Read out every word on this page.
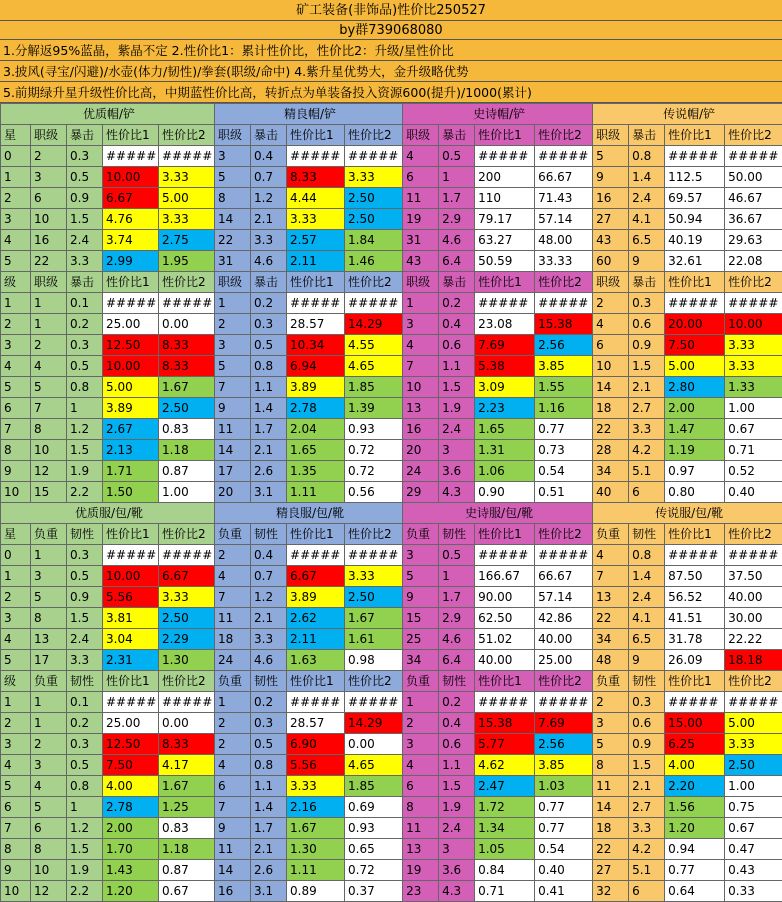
矿工装备(非饰品)性价比250527
by群739068080
1.分解返95%蓝晶，紫晶不定 2.性价比1：累计性价比，性价比2：升级/星性价比
3.披风(寻宝/闪避)/水壶(体力/韧性)/拳套(职级/命中) 4.紫升星优势大，金升级略优势
5.前期绿升星升级性价比高，中期蓝性价比高，转折点为单装备投入资源600(提升)/1000(累计)
优质帽/铲					精良帽/铲				史诗帽/铲				传说帽/铲			
星	职级	暴击	性价比1	性价比2	职级	暴击	性价比1	性价比2	职级	暴击	性价比1	性价比2	职级	暴击	性价比1	性价比2
0	2	0.3	#####	#####	3	0.4	#####	#####	4	0.5	#####	#####	5	0.8	#####	#####
1	3	0.5	10.00	3.33	5	0.7	8.33	3.33	6	1	200	66.67	9	1.4	112.5	50.00
2	6	0.9	6.67	5.00	8	1.2	4.44	2.50	11	1.7	110	71.43	16	2.4	69.57	46.67
3	10	1.5	4.76	3.33	14	2.1	3.33	2.50	19	2.9	79.17	57.14	27	4.1	50.94	36.67
4	16	2.4	3.74	2.75	22	3.3	2.57	1.84	31	4.6	63.27	48.00	43	6.5	40.19	29.63
5	22	3.3	2.99	1.95	31	4.6	2.11	1.46	43	6.4	50.59	33.33	60	9	32.61	22.08
级	职级	暴击	性价比1	性价比2	职级	暴击	性价比1	性价比2	职级	暴击	性价比1	性价比2	职级	暴击	性价比1	性价比2
1	1	0.1	#####	#####	1	0.2	#####	#####	1	0.2	#####	#####	2	0.3	#####	#####
2	1	0.2	25.00	0.00	2	0.3	28.57	14.29	3	0.4	23.08	15.38	4	0.6	20.00	10.00
3	2	0.3	12.50	8.33	3	0.5	10.34	4.55	4	0.6	7.69	2.56	6	0.9	7.50	3.33
4	4	0.5	10.00	8.33	5	0.8	6.94	4.65	7	1.1	5.38	3.85	10	1.5	5.00	3.33
5	5	0.8	5.00	1.67	7	1.1	3.89	1.85	10	1.5	3.09	1.55	14	2.1	2.80	1.33
6	7	1	3.89	2.50	9	1.4	2.78	1.39	13	1.9	2.23	1.16	18	2.7	2.00	1.00
7	8	1.2	2.67	0.83	11	1.7	2.04	0.93	16	2.4	1.65	0.77	22	3.3	1.47	0.67
8	10	1.5	2.13	1.18	14	2.1	1.65	0.72	20	3	1.31	0.73	28	4.2	1.19	0.71
9	12	1.9	1.71	0.87	17	2.6	1.35	0.72	24	3.6	1.06	0.54	34	5.1	0.97	0.52
10	15	2.2	1.50	1.00	20	3.1	1.11	0.56	29	4.3	0.90	0.51	40	6	0.80	0.40
优质服/包/靴					精良服/包/靴				史诗服/包/靴				传说服/包/靴			
星	负重	韧性	性价比1	性价比2	负重	韧性	性价比1	性价比2	负重	韧性	性价比1	性价比2	负重	韧性	性价比1	性价比2
0	1	0.3	#####	#####	2	0.4	#####	#####	3	0.5	#####	#####	4	0.8	#####	#####
1	3	0.5	10.00	6.67	4	0.7	6.67	3.33	5	1	166.67	66.67	7	1.4	87.50	37.50
2	5	0.9	5.56	3.33	7	1.2	3.89	2.50	9	1.7	90.00	57.14	13	2.4	56.52	40.00
3	8	1.5	3.81	2.50	11	2.1	2.62	1.67	15	2.9	62.50	42.86	22	4.1	41.51	30.00
4	13	2.4	3.04	2.29	18	3.3	2.11	1.61	25	4.6	51.02	40.00	34	6.5	31.78	22.22
5	17	3.3	2.31	1.30	24	4.6	1.63	0.98	34	6.4	40.00	25.00	48	9	26.09	18.18
级	负重	韧性	性价比1	性价比2	负重	韧性	性价比1	性价比2	负重	韧性	性价比1	性价比2	负重	韧性	性价比1	性价比2
1	1	0.1	#####	#####	1	0.2	#####	#####	1	0.2	#####	#####	2	0.3	#####	#####
2	1	0.2	25.00	0.00	2	0.3	28.57	14.29	2	0.4	15.38	7.69	3	0.6	15.00	5.00
3	2	0.3	12.50	8.33	2	0.5	6.90	0.00	3	0.6	5.77	2.56	5	0.9	6.25	3.33
4	3	0.5	7.50	4.17	4	0.8	5.56	4.65	4	1.1	4.62	3.85	8	1.5	4.00	2.50
5	4	0.8	4.00	1.67	6	1.1	3.33	1.85	6	1.5	2.47	1.03	11	2.1	2.20	1.00
6	5	1	2.78	1.25	7	1.4	2.16	0.69	8	1.9	1.72	0.77	14	2.7	1.56	0.75
7	6	1.2	2.00	0.83	9	1.7	1.67	0.93	11	2.4	1.34	0.77	18	3.3	1.20	0.67
8	8	1.5	1.70	1.18	11	2.1	1.30	0.65	13	3	1.05	0.54	22	4.2	0.94	0.47
9	10	1.9	1.43	0.87	14	2.6	1.11	0.72	19	3.6	0.84	0.40	27	5.1	0.77	0.43
10	12	2.2	1.20	0.67	16	3.1	0.89	0.37	23	4.3	0.71	0.41	32	6	0.64	0.33
